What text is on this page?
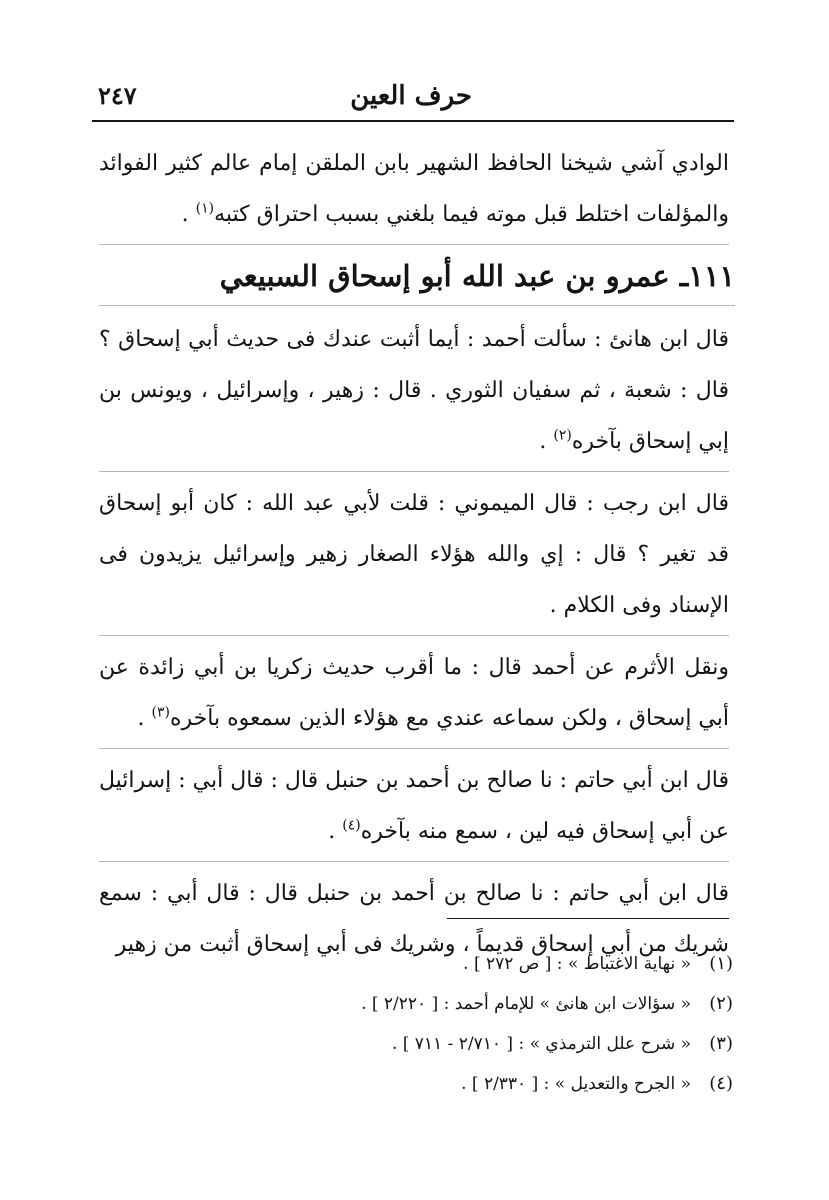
حرف العين
٢٤٧

الوادي آشي شيخنا الحافظ الشهير بابن الملقن إمام عالم كثير الفوائد والمؤلفات اختلط قبل موته فيما بلغني بسبب احتراق كتبه$^{(١)}$ .

١١١ـ عمرو بن عبد الله أبو إسحاق السبيعي

قال ابن هانئ : سألت أحمد : أيما أثبت عندك فى حديث أبي إسحاق ؟ قال : شعبة ، ثم سفيان الثوري . قال : زهير ، وإسرائيل ، ويونس بن إبي إسحاق بآخره$^{(٢)}$ .

قال ابن رجب : قال الميموني : قلت لأبي عبد الله : كان أبو إسحاق قد تغير ؟ قال : إي والله هؤلاء الصغار زهير وإسرائيل يزيدون فى الإسناد وفى الكلام .

ونقل الأثرم عن أحمد قال : ما أقرب حديث زكريا بن أبي زائدة عن أبي إسحاق ، ولكن سماعه عندي مع هؤلاء الذين سمعوه بآخره$^{(٣)}$ .

قال ابن أبي حاتم : نا صالح بن أحمد بن حنبل قال : قال أبي : إسرائيل عن أبي إسحاق فيه لين ، سمع منه بآخره$^{(٤)}$ .

قال ابن أبي حاتم : نا صالح بن أحمد بن حنبل قال : قال أبي : سمع شريك من أبي إسحاق قديماً ، وشريك فى أبي إسحاق أثبت من زهير

(١)« نهاية الاغتباط » : [ ص ٢٧٢ ] .
(٢)« سؤالات ابن هانئ » للإمام أحمد : [ ٢/٢٢٠ ] .
(٣)« شرح علل الترمذي » : [ ٢/٧١٠ - ٧١١ ] .
(٤)« الجرح والتعديل » : [ ٢/٣٣٠ ] .
